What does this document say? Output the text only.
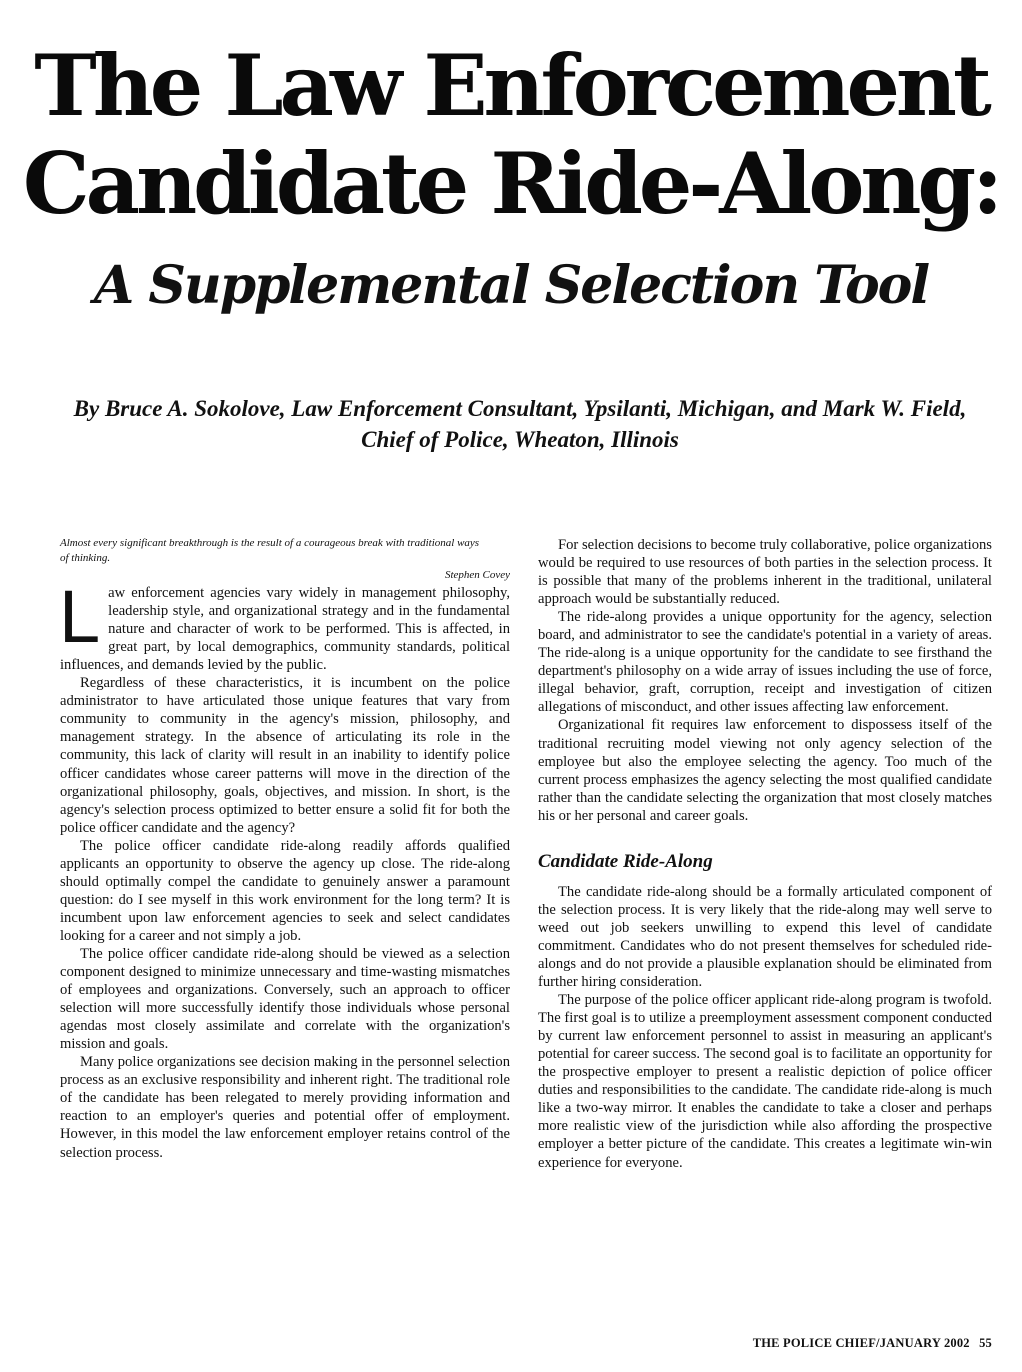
The Law Enforcement
Candidate Ride-Along:
A Supplemental Selection Tool
By Bruce A. Sokolove, Law Enforcement Consultant, Ypsilanti, Michigan, and Mark W. Field,
Chief of Police, Wheaton, Illinois

Almost every significant breakthrough is the result of a courageous break with traditional ways of thinking.

Stephen Covey

Law enforcement agencies vary widely in management philosophy, leadership style, and organizational strategy and in the fundamental nature and character of work to be performed. This is affected, in great part, by local demographics, community standards, political influences, and demands levied by the public.

Regardless of these characteristics, it is incumbent on the police administrator to have articulated those unique features that vary from community to community in the agency's mission, philosophy, and management strategy. In the absence of articulating its role in the community, this lack of clarity will result in an inability to identify police officer candidates whose career patterns will move in the direction of the organizational philosophy, goals, objectives, and mission. In short, is the agency's selection process optimized to better ensure a solid fit for both the police officer candidate and the agency?

The police officer candidate ride-along readily affords qualified applicants an opportunity to observe the agency up close. The ride-along should optimally compel the candidate to genuinely answer a paramount question: do I see myself in this work environment for the long term? It is incumbent upon law enforcement agencies to seek and select candidates looking for a career and not simply a job.

The police officer candidate ride-along should be viewed as a selection component designed to minimize unnecessary and time-wasting mismatches of employees and organizations. Conversely, such an approach to officer selection will more successfully identify those individuals whose personal agendas most closely assimilate and correlate with the organization's mission and goals.

Many police organizations see decision making in the personnel selection process as an exclusive responsibility and inherent right. The traditional role of the candidate has been relegated to merely providing information and reaction to an employer's queries and potential offer of employment. However, in this model the law enforcement employer retains control of the selection process.

For selection decisions to become truly collaborative, police organizations would be required to use resources of both parties in the selection process. It is possible that many of the problems inherent in the traditional, unilateral approach would be substantially reduced.

The ride-along provides a unique opportunity for the agency, selection board, and administrator to see the candidate's potential in a variety of areas. The ride-along is a unique opportunity for the candidate to see firsthand the department's philosophy on a wide array of issues including the use of force, illegal behavior, graft, corruption, receipt and investigation of citizen allegations of misconduct, and other issues affecting law enforcement.

Organizational fit requires law enforcement to dispossess itself of the traditional recruiting model viewing not only agency selection of the employee but also the employee selecting the agency. Too much of the current process emphasizes the agency selecting the most qualified candidate rather than the candidate selecting the organization that most closely matches his or her personal and career goals.

Candidate Ride-Along

The candidate ride-along should be a formally articulated component of the selection process. It is very likely that the ride-along may well serve to weed out job seekers unwilling to expend this level of candidate commitment. Candidates who do not present themselves for scheduled ride-alongs and do not provide a plausible explanation should be eliminated from further hiring consideration.

The purpose of the police officer applicant ride-along program is twofold. The first goal is to utilize a preemployment assessment component conducted by current law enforcement personnel to assist in measuring an applicant's potential for career success. The second goal is to facilitate an opportunity for the prospective employer to present a realistic depiction of police officer duties and responsibilities to the candidate. The candidate ride-along is much like a two-way mirror. It enables the candidate to take a closer and perhaps more realistic view of the jurisdiction while also affording the prospective employer a better picture of the candidate. This creates a legitimate win-win experience for everyone.

THE POLICE CHIEF/JANUARY 2002 55
